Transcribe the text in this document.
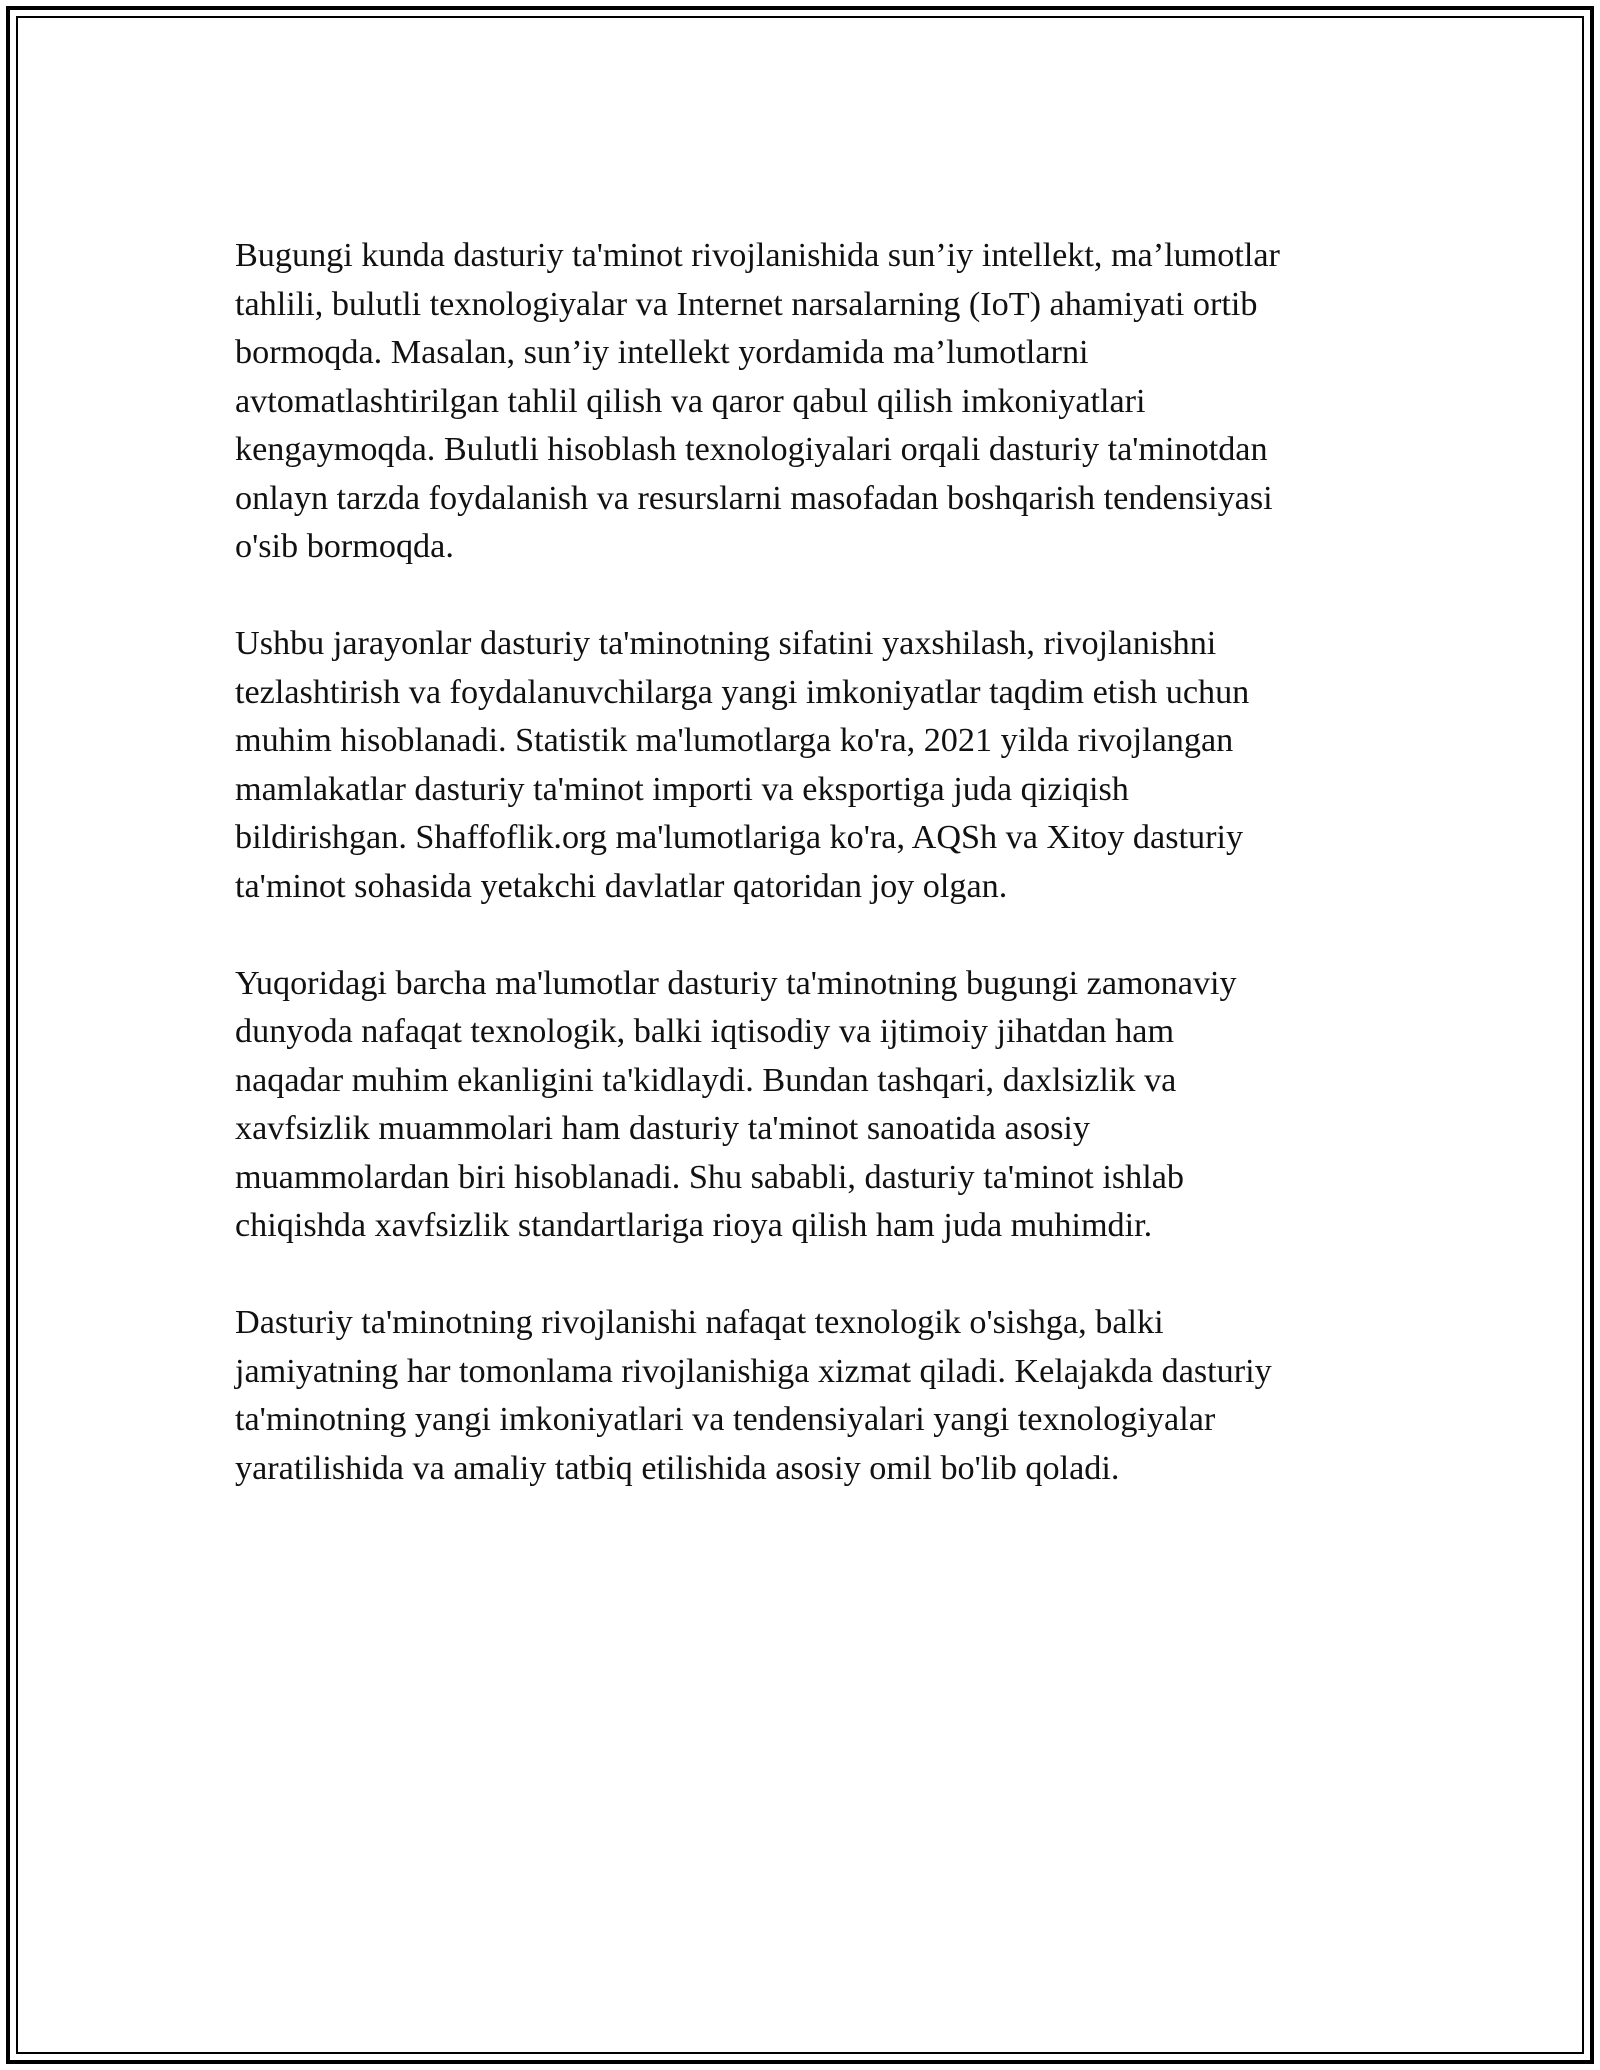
Bugungi kunda dasturiy ta'minot rivojlanishida sun’iy intellekt, ma’lumotlar
tahlili, bulutli texnologiyalar va Internet narsalarning (IoT) ahamiyati ortib
bormoqda. Masalan, sun’iy intellekt yordamida ma’lumotlarni
avtomatlashtirilgan tahlil qilish va qaror qabul qilish imkoniyatlari
kengaymoqda. Bulutli hisoblash texnologiyalari orqali dasturiy ta'minotdan
onlayn tarzda foydalanish va resurslarni masofadan boshqarish tendensiyasi
o'sib bormoqda.

Ushbu jarayonlar dasturiy ta'minotning sifatini yaxshilash, rivojlanishni
tezlashtirish va foydalanuvchilarga yangi imkoniyatlar taqdim etish uchun
muhim hisoblanadi. Statistik ma'lumotlarga ko'ra, 2021 yilda rivojlangan
mamlakatlar dasturiy ta'minot importi va eksportiga juda qiziqish
bildirishgan. Shaffoflik.org ma'lumotlariga ko'ra, AQSh va Xitoy dasturiy
ta'minot sohasida yetakchi davlatlar qatoridan joy olgan.

Yuqoridagi barcha ma'lumotlar dasturiy ta'minotning bugungi zamonaviy
dunyoda nafaqat texnologik, balki iqtisodiy va ijtimoiy jihatdan ham
naqadar muhim ekanligini ta'kidlaydi. Bundan tashqari, daxlsizlik va
xavfsizlik muammolari ham dasturiy ta'minot sanoatida asosiy
muammolardan biri hisoblanadi. Shu sababli, dasturiy ta'minot ishlab
chiqishda xavfsizlik standartlariga rioya qilish ham juda muhimdir.

Dasturiy ta'minotning rivojlanishi nafaqat texnologik o'sishga, balki
jamiyatning har tomonlama rivojlanishiga xizmat qiladi. Kelajakda dasturiy
ta'minotning yangi imkoniyatlari va tendensiyalari yangi texnologiyalar
yaratilishida va amaliy tatbiq etilishida asosiy omil bo'lib qoladi.
